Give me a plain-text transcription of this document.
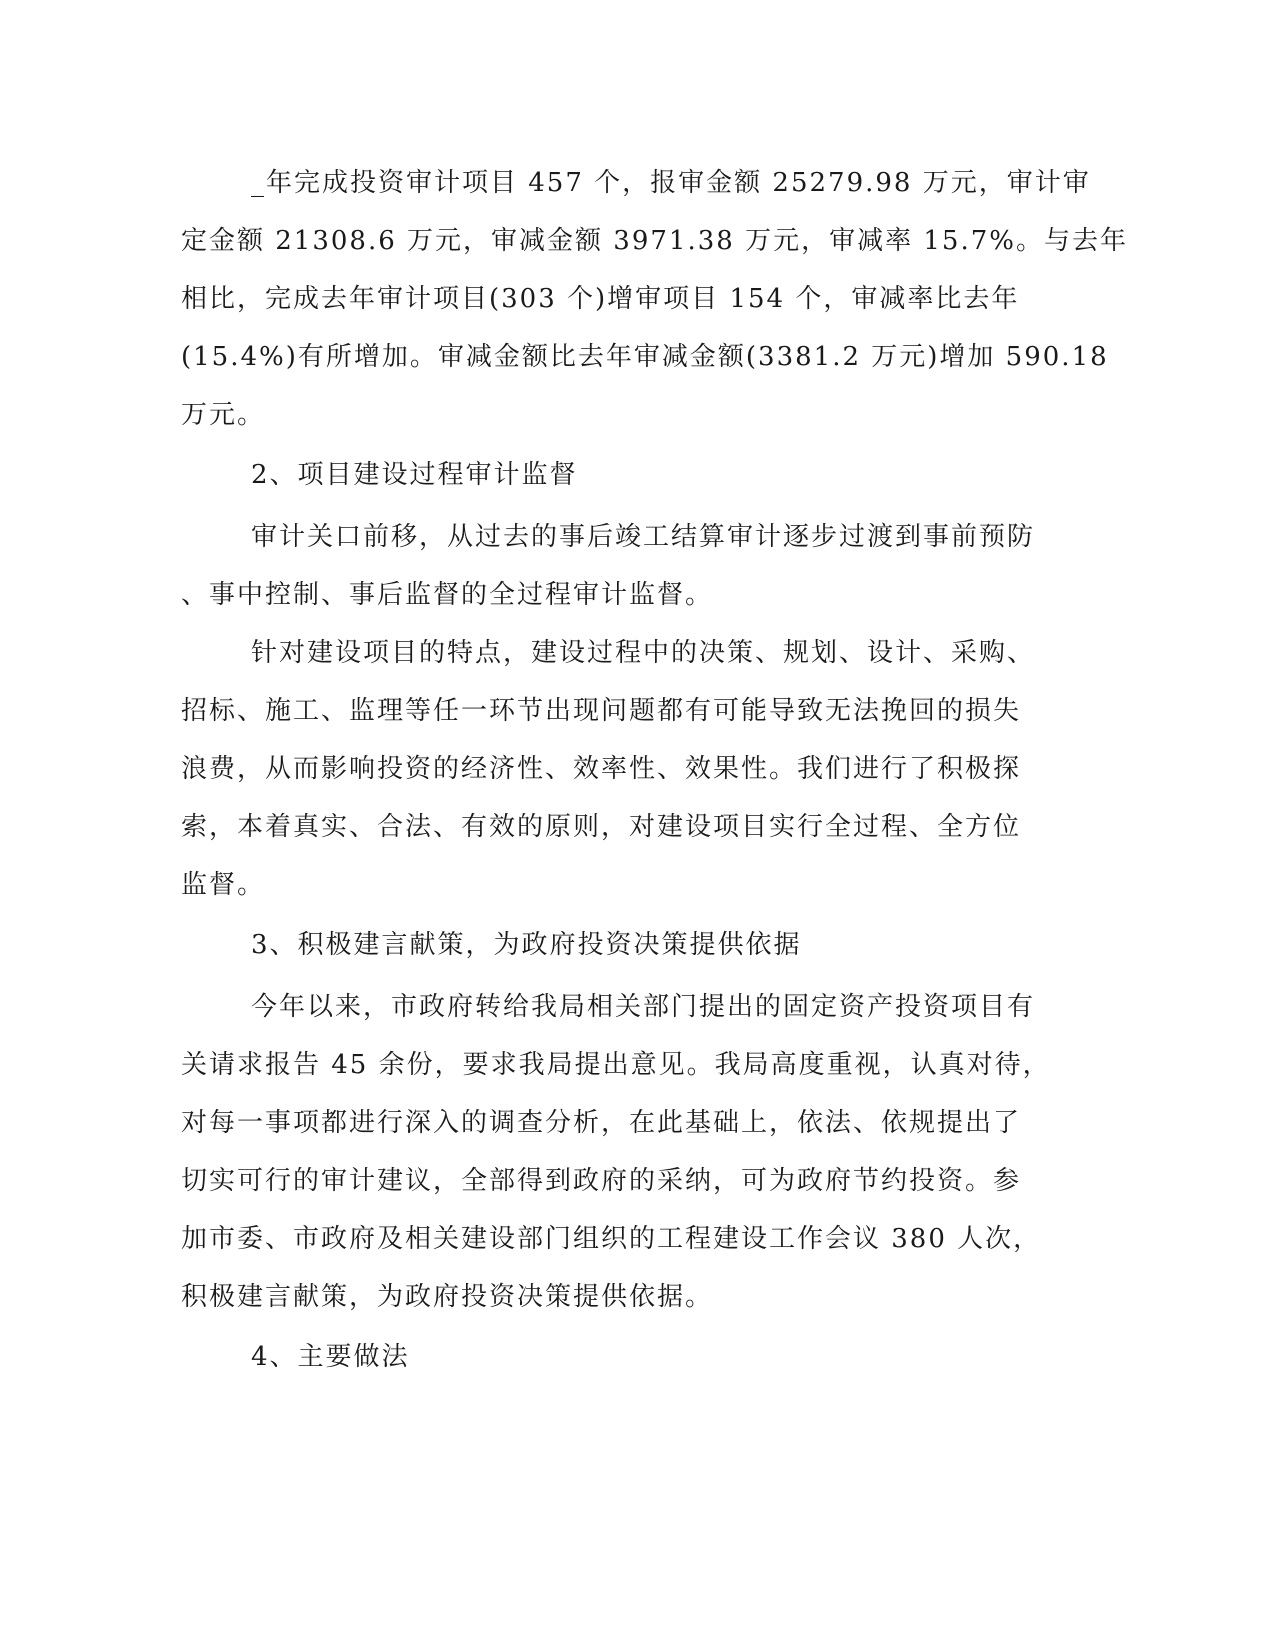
_年完成投资审计项目 457 个，报审金额 25279.98 万元，审计审
定金额 21308.6 万元，审减金额 3971.38 万元，审减率 15.7%。与去年
相比，完成去年审计项目(303 个)增审项目 154 个，审减率比去年
(15.4%)有所增加。审减金额比去年审减金额(3381.2 万元)增加 590.18
万元。
2、项目建设过程审计监督
审计关口前移，从过去的事后竣工结算审计逐步过渡到事前预防
、事中控制、事后监督的全过程审计监督。
针对建设项目的特点，建设过程中的决策、规划、设计、采购、
招标、施工、监理等任一环节出现问题都有可能导致无法挽回的损失
浪费，从而影响投资的经济性、效率性、效果性。我们进行了积极探
索，本着真实、合法、有效的原则，对建设项目实行全过程、全方位
监督。
3、积极建言献策，为政府投资决策提供依据
今年以来，市政府转给我局相关部门提出的固定资产投资项目有
关请求报告 45 余份，要求我局提出意见。我局高度重视，认真对待，
对每一事项都进行深入的调查分析，在此基础上，依法、依规提出了
切实可行的审计建议，全部得到政府的采纳，可为政府节约投资。参
加市委、市政府及相关建设部门组织的工程建设工作会议 380 人次，
积极建言献策，为政府投资决策提供依据。
4、主要做法
